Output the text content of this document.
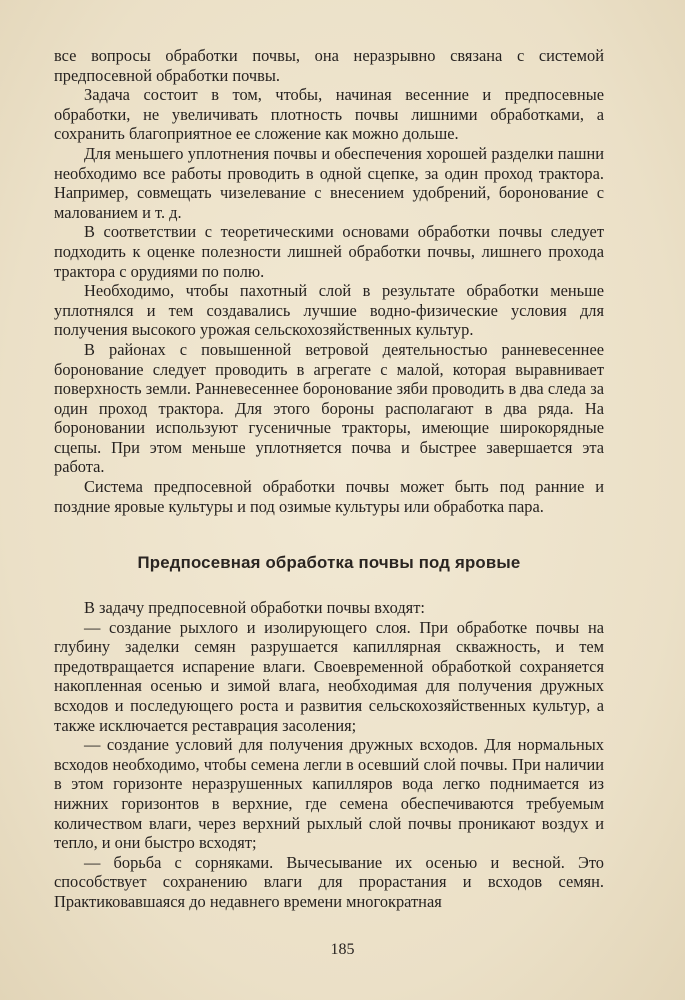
все вопросы обработки почвы, она неразрывно связана с системой предпосевной обработки почвы.

Задача состоит в том, чтобы, начиная весенние и предпосевные обработки, не увеличивать плотность почвы лишними обработками, а сохранить благоприятное ее сложение как можно дольше.

Для меньшего уплотнения почвы и обеспечения хорошей разделки пашни необходимо все работы проводить в одной сцепке, за один проход трактора. Например, совмещать чизелевание с внесением удобрений, боронование с малованием и т. д.

В соответствии с теоретическими основами обработки почвы следует подходить к оценке полезности лишней обработки почвы, лишнего прохода трактора с орудиями по полю.

Необходимо, чтобы пахотный слой в результате обработки меньше уплотнялся и тем создавались лучшие водно-физические условия для получения высокого урожая сельскохозяйственных культур.

В районах с повышенной ветровой деятельностью ранневесеннее боронование следует проводить в агрегате с малой, которая выравнивает поверхность земли. Ранневесеннее боронование зяби проводить в два следа за один проход трактора. Для этого бороны располагают в два ряда. На бороновании используют гусеничные тракторы, имеющие широкорядные сцепы. При этом меньше уплотняется почва и быстрее завершается эта работа.

Система предпосевной обработки почвы может быть под ранние и поздние яровые культуры и под озимые культуры или обработка пара.

Предпосевная обработка почвы под яровые

В задачу предпосевной обработки почвы входят:

— создание рыхлого и изолирующего слоя. При обработке почвы на глубину заделки семян разрушается капиллярная скважность, и тем предотвращается испарение влаги. Своевременной обработкой сохраняется накопленная осенью и зимой влага, необходимая для получения дружных всходов и последующего роста и развития сельскохозяйственных культур, а также исключается реставрация засоления;

— создание условий для получения дружных всходов. Для нормальных всходов необходимо, чтобы семена легли в осевший слой почвы. При наличии в этом горизонте неразрушенных капилляров вода легко поднимается из нижних горизонтов в верхние, где семена обеспечиваются требуемым количеством влаги, через верхний рыхлый слой почвы проникают воздух и тепло, и они быстро всходят;

— борьба с сорняками. Вычесывание их осенью и весной. Это способствует сохранению влаги для прорастания и всходов семян. Практиковавшаяся до недавнего времени многократная

185
